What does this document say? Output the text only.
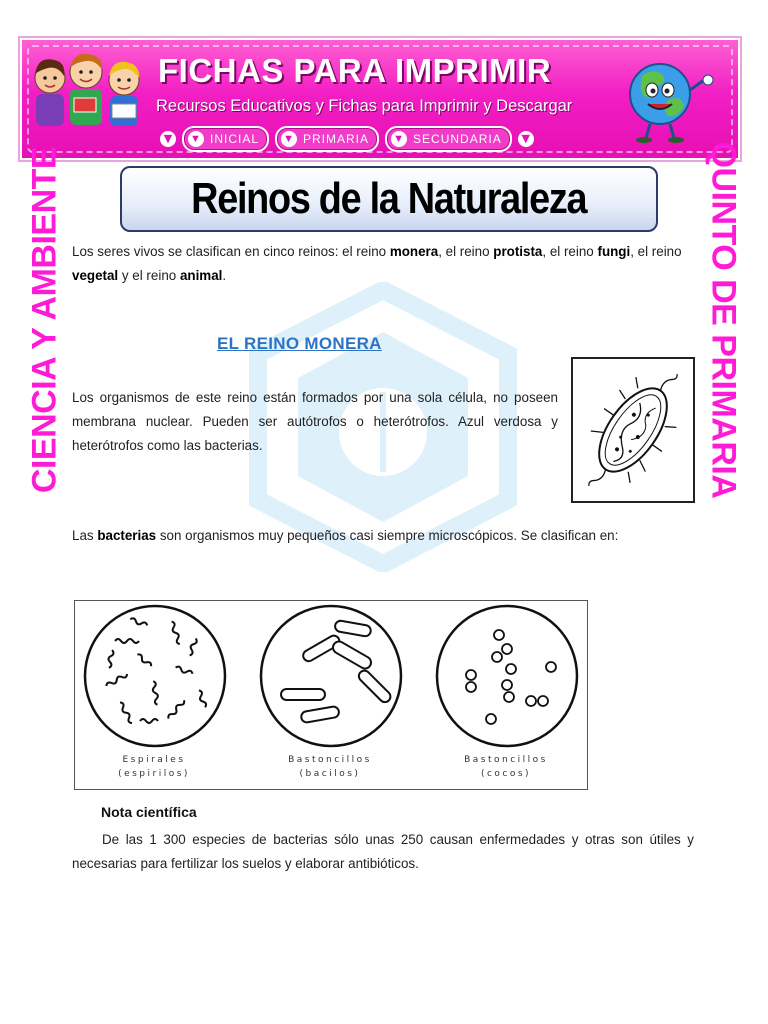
FICHAS PARA IMPRIMIR
Recursos Educativos y Fichas para Imprimir y Descargar
▼	▼ INICIAL ▼ PRIMARIA ▼ SECUNDARIA	▼
CIENCIA Y AMBIENTE	QUINTO DE PRIMARIA
Reinos de la Naturaleza
Los seres vivos se clasifican en cinco reinos: el reino monera, el reino protista, el reino fungi, el reino vegetal y el reino animal.
EL REINO MONERA
Los organismos de este reino están formados por una sola célula, no poseen membrana nuclear. Pueden ser autótrofos o heterótrofos. Azul verdosa y heterótrofos como las bacterias.
Las bacterias son organismos muy pequeños casi siempre microscópicos. Se clasifican en:
Espirales
(espirilos)
Bastoncillos
(bacilos)
Bastoncillos
(cocos)
Nota científica
De las 1 300 especies de bacterias sólo unas 250 causan enfermedades y otras son útiles y necesarias para fertilizar los suelos y elaborar antibióticos.
